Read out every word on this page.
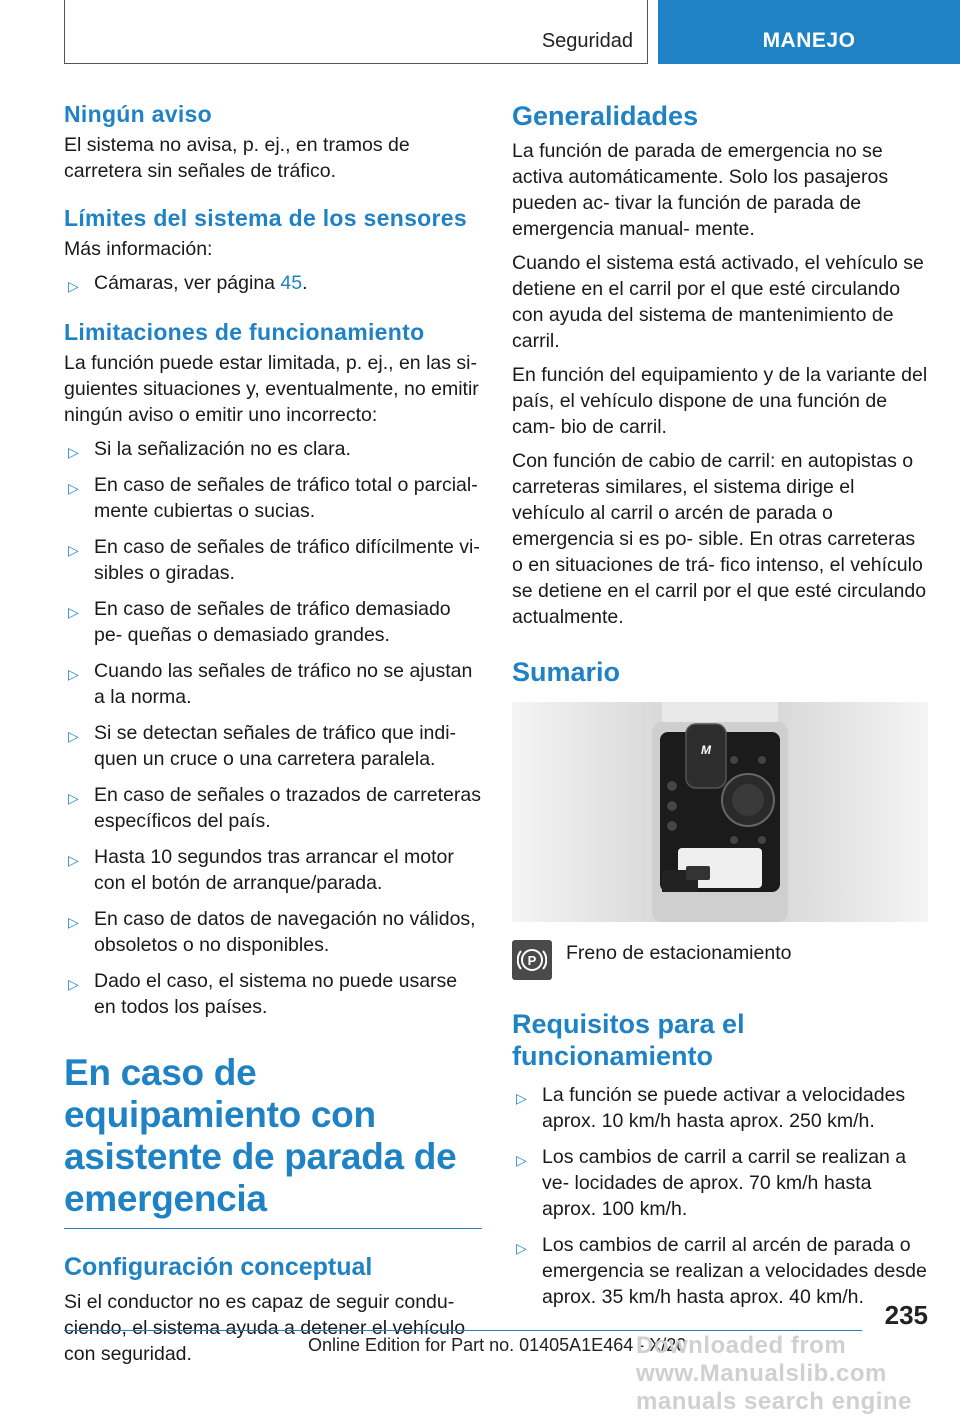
Seguridad	MANEJO
Ningún aviso

El sistema no avisa, p. ej., en tramos de carretera sin señales de tráfico.

Límites del sistema de los sensores

Más información:

▷ Cámaras, ver página 45.
Limitaciones de funcionamiento

La función puede estar limitada, p. ej., en las si- guientes situaciones y, eventualmente, no emitir ningún aviso o emitir uno incorrecto:

▷ Si la señalización no es clara.
▷ En caso de señales de tráfico total o parcial- mente cubiertas o sucias.
▷ En caso de señales de tráfico difícilmente vi- sibles o giradas.
▷ En caso de señales de tráfico demasiado pe- queñas o demasiado grandes.
▷ Cuando las señales de tráfico no se ajustan a la norma.
▷ Si se detectan señales de tráfico que indi- quen un cruce o una carretera paralela.
▷ En caso de señales o trazados de carreteras específicos del país.
▷ Hasta 10 segundos tras arrancar el motor con el botón de arranque/parada.
▷ En caso de datos de navegación no válidos, obsoletos o no disponibles.
▷ Dado el caso, el sistema no puede usarse en todos los países.
En caso de equipamiento con asistente de parada de emergencia
Configuración conceptual

Si el conductor no es capaz de seguir condu- ciendo, el sistema ayuda a detener el vehículo con seguridad.

Generalidades

La función de parada de emergencia no se activa automáticamente. Solo los pasajeros pueden ac- tivar la función de parada de emergencia manual- mente.

Cuando el sistema está activado, el vehículo se detiene en el carril por el que esté circulando con ayuda del sistema de mantenimiento de carril.

En función del equipamiento y de la variante del país, el vehículo dispone de una función de cam- bio de carril.

Con función de cabio de carril: en autopistas o carreteras similares, el sistema dirige el vehículo al carril o arcén de parada o emergencia si es po- sible. En otras carreteras o en situaciones de trá- fico intenso, el vehículo se detiene en el carril por el que esté circulando actualmente.

Sumario
M
P Freno de estacionamiento
Requisitos para el funcionamiento
▷ La función se puede activar a velocidades aprox. 10 km/h hasta aprox. 250 km/h.
▷ Los cambios de carril a carril se realizan a ve- locidades de aprox. 70 km/h hasta aprox. 100 km/h.
▷ Los cambios de carril al arcén de parada o emergencia se realizan a velocidades desde aprox. 35 km/h hasta aprox. 40 km/h.
235
Online Edition for Part no. 01405A1E464 - X/20
Downloaded from www.Manualslib.com manuals search engine
